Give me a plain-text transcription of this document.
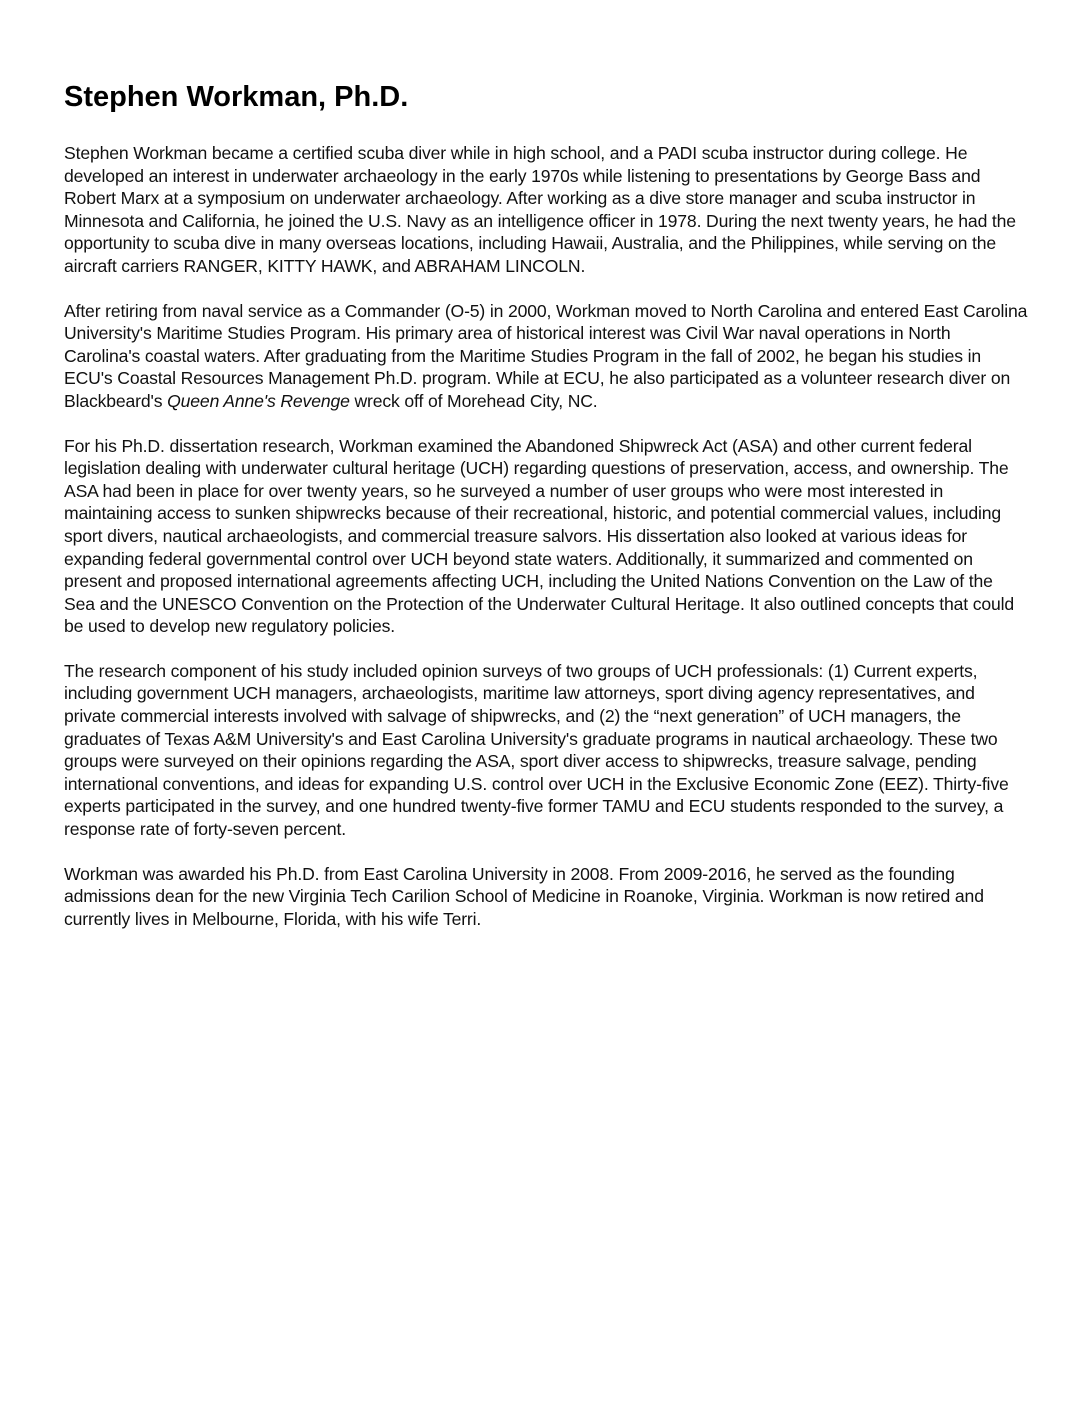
Stephen Workman, Ph.D.

Stephen Workman became a certified scuba diver while in high school, and a PADI scuba instructor during college. He developed an interest in underwater archaeology in the early 1970s while listening to presentations by George Bass and Robert Marx at a symposium on underwater archaeology. After working as a dive store manager and scuba instructor in Minnesota and California, he joined the U.S. Navy as an intelligence officer in 1978. During the next twenty years, he had the opportunity to scuba dive in many overseas locations, including Hawaii, Australia, and the Philippines, while serving on the aircraft carriers RANGER, KITTY HAWK, and ABRAHAM LINCOLN.

After retiring from naval service as a Commander (O-5) in 2000, Workman moved to North Carolina and entered East Carolina University's Maritime Studies Program. His primary area of historical interest was Civil War naval operations in North Carolina's coastal waters. After graduating from the Maritime Studies Program in the fall of 2002, he began his studies in ECU's Coastal Resources Management Ph.D. program. While at ECU, he also participated as a volunteer research diver on Blackbeard's Queen Anne's Revenge wreck off of Morehead City, NC.

For his Ph.D. dissertation research, Workman examined the Abandoned Shipwreck Act (ASA) and other current federal legislation dealing with underwater cultural heritage (UCH) regarding questions of preservation, access, and ownership. The ASA had been in place for over twenty years, so he surveyed a number of user groups who were most interested in maintaining access to sunken shipwrecks because of their recreational, historic, and potential commercial values, including sport divers, nautical archaeologists, and commercial treasure salvors. His dissertation also looked at various ideas for expanding federal governmental control over UCH beyond state waters. Additionally, it summarized and commented on present and proposed international agreements affecting UCH, including the United Nations Convention on the Law of the Sea and the UNESCO Convention on the Protection of the Underwater Cultural Heritage. It also outlined concepts that could be used to develop new regulatory policies.

The research component of his study included opinion surveys of two groups of UCH professionals: (1) Current experts, including government UCH managers, archaeologists, maritime law attorneys, sport diving agency representatives, and private commercial interests involved with salvage of shipwrecks, and (2) the “next generation” of UCH managers, the graduates of Texas A&M University's and East Carolina University's graduate programs in nautical archaeology. These two groups were surveyed on their opinions regarding the ASA, sport diver access to shipwrecks, treasure salvage, pending international conventions, and ideas for expanding U.S. control over UCH in the Exclusive Economic Zone (EEZ). Thirty-five experts participated in the survey, and one hundred twenty-five former TAMU and ECU students responded to the survey, a response rate of forty-seven percent.

Workman was awarded his Ph.D. from East Carolina University in 2008. From 2009-2016, he served as the founding admissions dean for the new Virginia Tech Carilion School of Medicine in Roanoke, Virginia. Workman is now retired and currently lives in Melbourne, Florida, with his wife Terri.
